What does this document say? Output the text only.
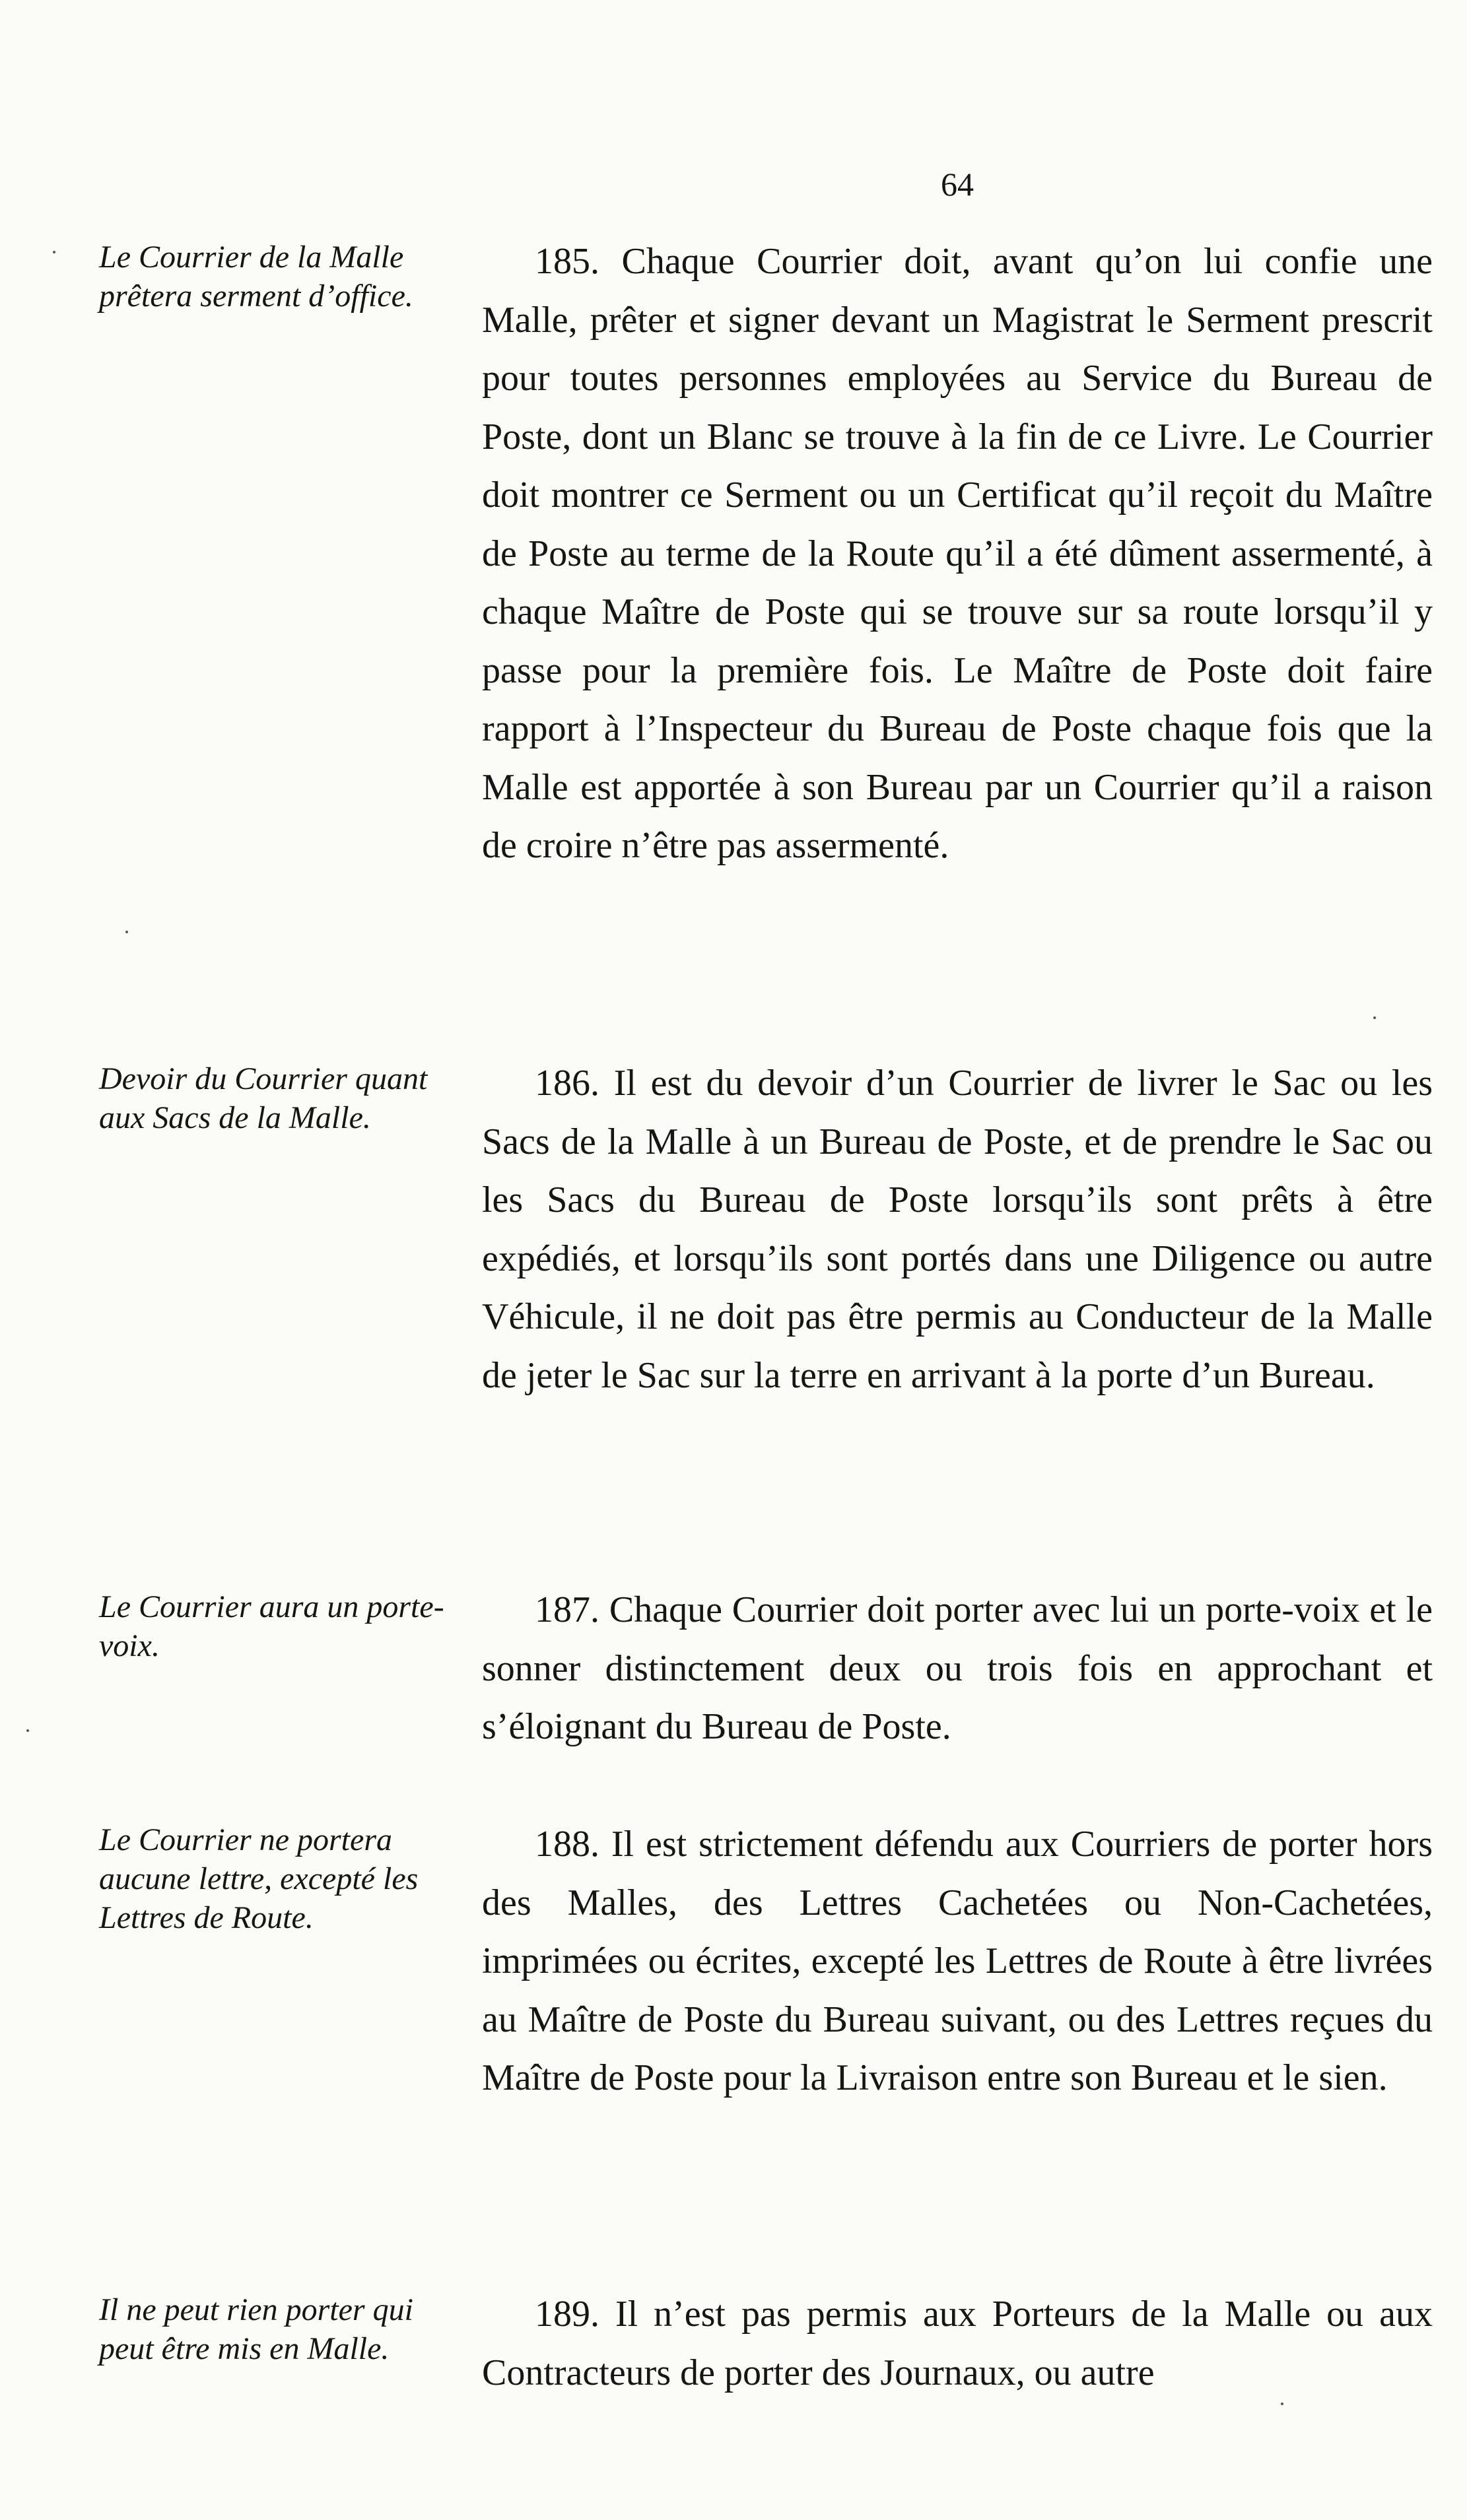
64
Le Courrier de la Malle prêtera serment d’office.
185. Chaque Courrier doit, avant qu’on lui confie une Malle, prêter et signer devant un Magistrat le Serment prescrit pour toutes personnes employées au Service du Bureau de Poste, dont un Blanc se trouve à la fin de ce Livre. Le Courrier doit montrer ce Serment ou un Certificat qu’il reçoit du Maître de Poste au terme de la Route qu’il a été dûment assermenté, à chaque Maître de Poste qui se trouve sur sa route lorsqu’il y passe pour la première fois. Le Maître de Poste doit faire rapport à l’Inspecteur du Bureau de Poste chaque fois que la Malle est apportée à son Bureau par un Courrier qu’il a raison de croire n’être pas assermenté.
Devoir du Courrier quant aux Sacs de la Malle.
186. Il est du devoir d’un Courrier de livrer le Sac ou les Sacs de la Malle à un Bureau de Poste, et de prendre le Sac ou les Sacs du Bureau de Poste lorsqu’ils sont prêts à être expédiés, et lorsqu’ils sont portés dans une Diligence ou autre Véhicule, il ne doit pas être permis au Conducteur de la Malle de jeter le Sac sur la terre en arrivant à la porte d’un Bureau.
Le Courrier aura un porte-voix.
187. Chaque Courrier doit porter avec lui un porte-voix et le sonner distinctement deux ou trois fois en approchant et s’éloignant du Bureau de Poste.
Le Courrier ne portera aucune lettre, excepté les Lettres de Route.
188. Il est strictement défendu aux Courriers de porter hors des Malles, des Lettres Cachetées ou Non-Cachetées, imprimées ou écrites, excepté les Lettres de Route à être livrées au Maître de Poste du Bureau suivant, ou des Lettres reçues du Maître de Poste pour la Livraison entre son Bureau et le sien.
Il ne peut rien porter qui peut être mis en Malle.
189. Il n’est pas permis aux Porteurs de la Malle ou aux Contracteurs de porter des Journaux, ou autre
